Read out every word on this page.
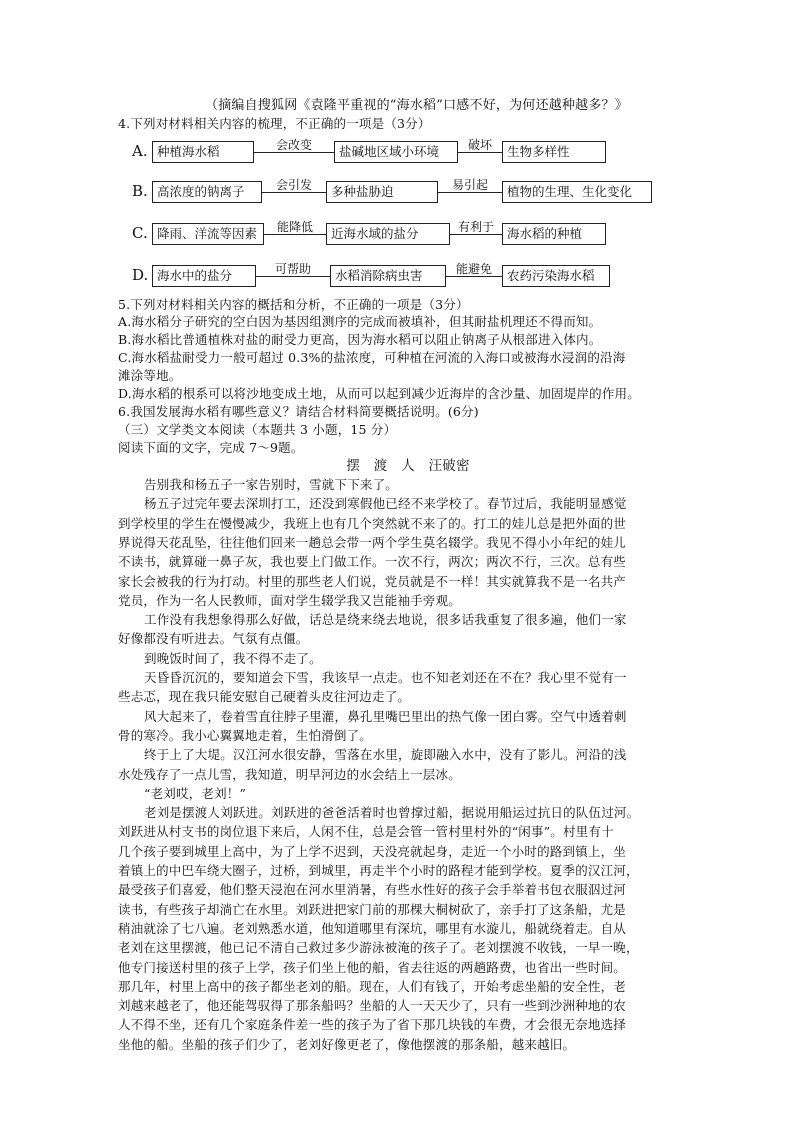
（摘编自搜狐网《袁隆平重视的“海水稻”口感不好，为何还越种越多？》
4.下列对材料相关内容的梳理，不正确的一项是（3分）
A. 种植海水稻	会改变	盐碱地区域小环境	破坏	生物多样性
B. 高浓度的钠离子	会引发	多种盐胁迫	易引起	植物的生理、生化变化
C. 降雨、洋流等因素	能降低	近海水域的盐分	有利于	海水稻的种植
D. 海水中的盐分	可帮助	水稻消除病虫害	能避免	农药污染海水稻
5.下列对材料相关内容的概括和分析，不正确的一项是（3分）
A.海水稻分子研究的空白因为基因组测序的完成而被填补，但其耐盐机理还不得而知。
B.海水稻比普通植株对盐的耐受力更高，因为海水稻可以阻止钠离子从根部进入体内。
C.海水稻盐耐受力一般可超过 0.3%的盐浓度，可种植在河流的入海口或被海水浸润的沿海
滩涂等地。
D.海水稻的根系可以将沙地变成土地，从而可以起到减少近海岸的含沙量、加固堤岸的作用。
6.我国发展海水稻有哪些意义？请结合材料简要概括说明。(6分)
（三）文学类文本阅读（本题共 3 小题，15 分）
阅读下面的文字，完成 7～9题。
摆　渡　人　汪破密
告别我和杨五子一家告别时，雪就下下来了。
杨五子过完年要去深圳打工，还没到寒假他已经不来学校了。春节过后，我能明显感觉
到学校里的学生在慢慢减少，我班上也有几个突然就不来了的。打工的娃儿总是把外面的世
界说得天花乱坠，往往他们回来一趟总会带一两个学生莫名辍学。我见不得小小年纪的娃儿
不读书，就算碰一鼻子灰，我也要上门做工作。一次不行，两次；两次不行，三次。总有些
家长会被我的行为打动。村里的那些老人们说，党员就是不一样！其实就算我不是一名共产
党员，作为一名人民教师，面对学生辍学我又岂能袖手旁观。
工作没有我想象得那么好做，话总是绕来绕去地说，很多话我重复了很多遍，他们一家
好像都没有听进去。气氛有点僵。
到晚饭时间了，我不得不走了。
天昏昏沉沉的，要知道会下雪，我该早一点走。也不知老刘还在不在？我心里不觉有一
些忐忑，现在我只能安慰自己硬着头皮往河边走了。
风大起来了，卷着雪直往脖子里灌，鼻孔里嘴巴里出的热气像一团白雾。空气中透着刺
骨的寒冷。我小心翼翼地走着，生怕滑倒了。
终于上了大堤。汉江河水很安静，雪落在水里，旋即融入水中，没有了影儿。河沿的浅
水处残存了一点儿雪，我知道，明早河边的水会结上一层冰。
“老刘哎，老刘！”
老刘是摆渡人刘跃进。刘跃进的爸爸活着时也曾撑过船，据说用船运过抗日的队伍过河。
刘跃进从村支书的岗位退下来后，人闲不住，总是会管一管村里村外的“闲事”。村里有十
几个孩子要到城里上高中，为了上学不迟到，天没亮就起身，走近一个小时的路到镇上，坐
着镇上的中巴车绕大圈子，过桥，到城里，再走半个小时的路程才能到学校。夏季的汉江河，
最受孩子们喜爱，他们整天浸泡在河水里消暑，有些水性好的孩子会手举着书包衣服泅过河
读书，有些孩子却淌亡在水里。刘跃进把家门前的那棵大桐树砍了，亲手打了这条船，尤是
稍油就涂了七八遍。老刘熟悉水道，他知道哪里有深坑，哪里有水漩儿，船就绕着走。自从
老刘在这里摆渡，他已记不清自己救过多少游泳被淹的孩子了。老刘摆渡不收钱，一早一晚，
他专门接送村里的孩子上学，孩子们坐上他的船，省去往返的两趟路费，也省出一些时间。
那几年，村里上高中的孩子都坐老刘的船。现在，人们有钱了，开始考虑坐船的安全性，老
刘越来越老了，他还能驾驭得了那条船吗？坐船的人一天天少了，只有一些到沙洲种地的农
人不得不坐，还有几个家庭条件差一些的孩子为了省下那几块钱的车费，才会很无奈地选择
坐他的船。坐船的孩子们少了，老刘好像更老了，像他摆渡的那条船，越来越旧。
